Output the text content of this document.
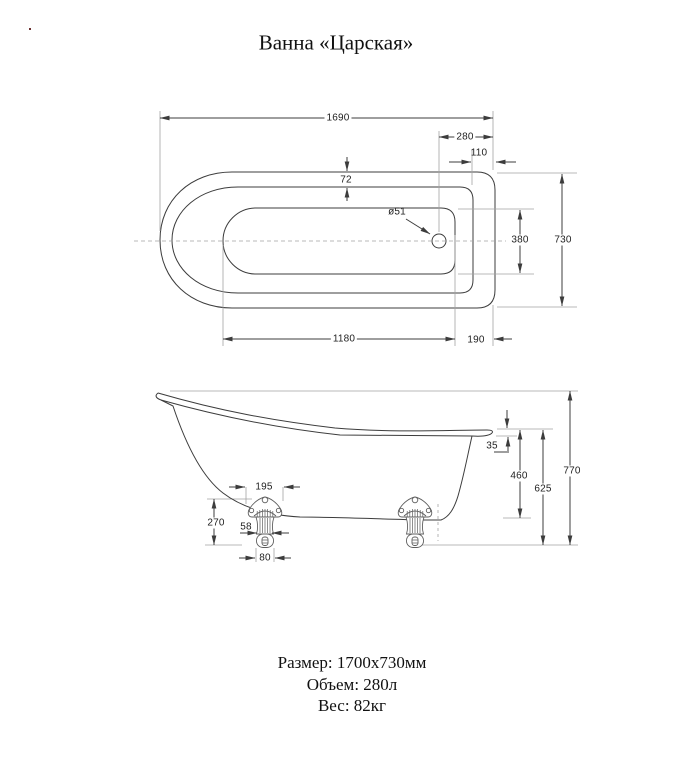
Ванна «Царская»
1690
280
110
72
ø51
380	730
1180	190
35
460
625
770
195
270 58
80
Размер: 1700х730мм
Объем: 280л
Вес: 82кг
